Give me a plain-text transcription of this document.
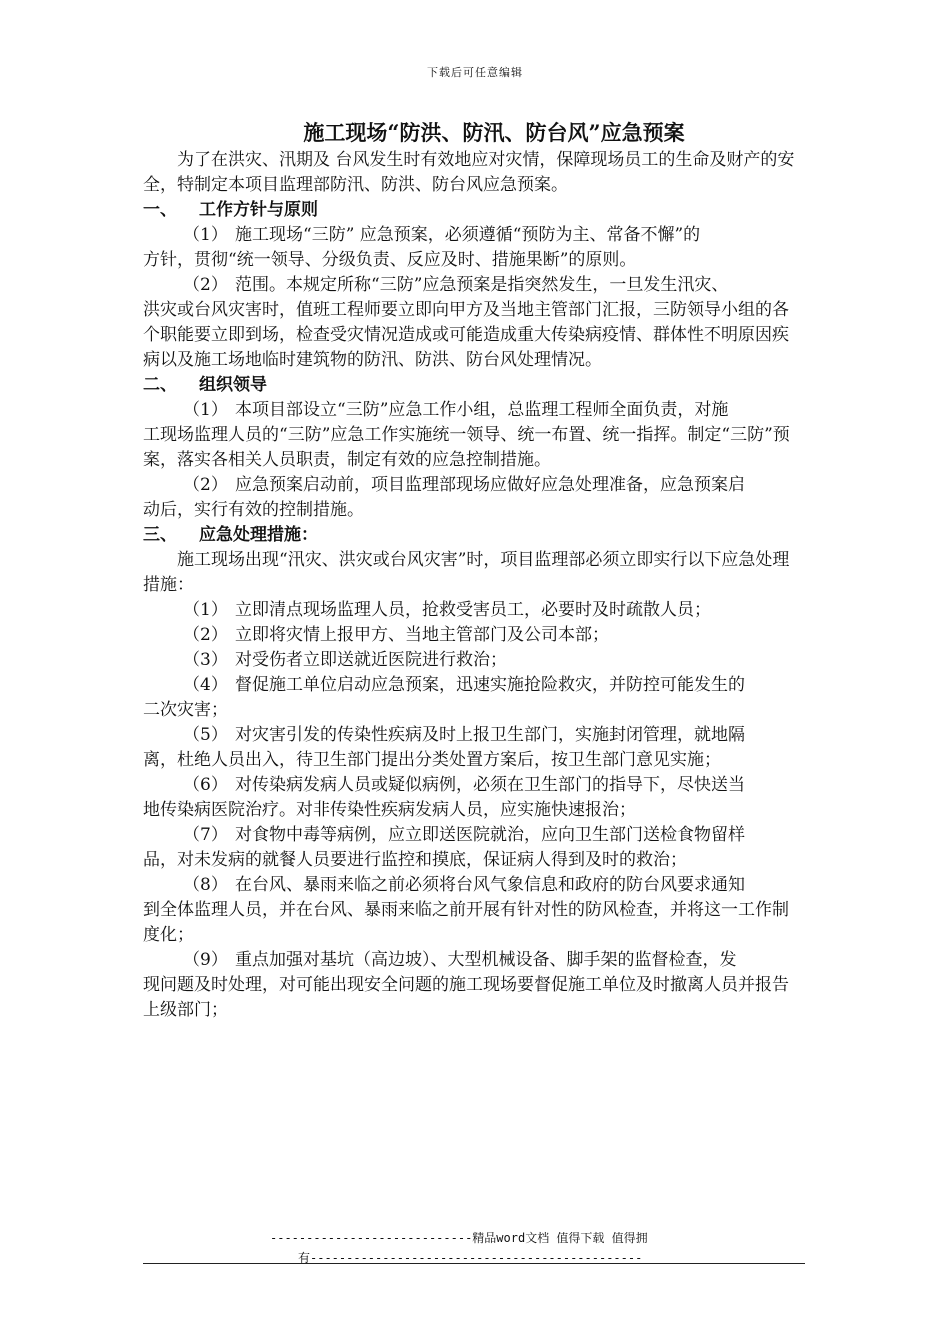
下载后可任意编辑

施工现场“防洪、防汛、防台风”应急预案

为了在洪灾、汛期及 台风发生时有效地应对灾情，保障现场员工的生命及财产的安全，特制定本项目监理部防汛、防洪、防台风应急预案。

一、 工作方针与原则

（1） 施工现场“三防” 应急预案，必须遵循“预防为主、常备不懈”的

方针，贯彻“统一领导、分级负责、反应及时、措施果断”的原则。

（2） 范围。本规定所称“三防”应急预案是指突然发生，一旦发生汛灾、

洪灾或台风灾害时，值班工程师要立即向甲方及当地主管部门汇报，三防领导小组的各个职能要立即到场，检查受灾情况造成或可能造成重大传染病疫情、群体性不明原因疾病以及施工场地临时建筑物的防汛、防洪、防台风处理情况。

二、 组织领导

（1） 本项目部设立“三防”应急工作小组，总监理工程师全面负责，对施

工现场监理人员的“三防”应急工作实施统一领导、统一布置、统一指挥。制定“三防”预案，落实各相关人员职责，制定有效的应急控制措施。

（2） 应急预案启动前，项目监理部现场应做好应急处理准备，应急预案启

动后，实行有效的控制措施。

三、 应急处理措施：

施工现场出现“汛灾、洪灾或台风灾害”时，项目监理部必须立即实行以下应急处理措施：

（1） 立即清点现场监理人员，抢救受害员工，必要时及时疏散人员；
（2） 立即将灾情上报甲方、当地主管部门及公司本部；
（3） 对受伤者立即送就近医院进行救治；
（4） 督促施工单位启动应急预案，迅速实施抢险救灾，并防控可能发生的

二次灾害；

（5） 对灾害引发的传染性疾病及时上报卫生部门，实施封闭管理，就地隔

离，杜绝人员出入，待卫生部门提出分类处置方案后，按卫生部门意见实施；

（6） 对传染病发病人员或疑似病例，必须在卫生部门的指导下，尽快送当

地传染病医院治疗。对非传染性疾病发病人员，应实施快速报治；

（7） 对食物中毒等病例，应立即送医院就治，应向卫生部门送检食物留样

品，对未发病的就餐人员要进行监控和摸底，保证病人得到及时的救治；

（8） 在台风、暴雨来临之前必须将台风气象信息和政府的防台风要求通知

到全体监理人员，并在台风、暴雨来临之前开展有针对性的防风检查，并将这一工作制度化；

（9） 重点加强对基坑（高边坡）、大型机械设备、脚手架的监督检查，发

现问题及时处理，对可能出现安全问题的施工现场要督促施工单位及时撤离人员并报告上级部门；

----------------------------精品word文档 值得下载 值得拥
有----------------------------------------------
